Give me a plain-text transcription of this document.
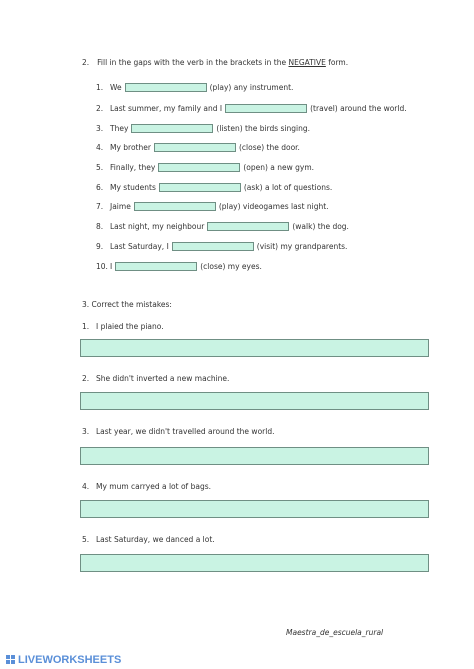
2. Fill in the gaps with the verb in the brackets in the
NEGATIVE
form.
1. We	(play) any instrument.
2. Last summer, my family and I	(travel) around the world.
3. They	(listen) the birds singing.
4. My brother	(close) the door.
5. Finally, they	(open) a new gym.
6. My students	(ask) a lot of questions.
7. Jaime	(play) videogames last night.
8. Last night, my neighbour	(walk) the dog.
9. Last Saturday, I	(visit) my grandparents.
10. I	(close) my eyes.
3. Correct the mistakes:
1. I plaied the piano.
2. She didn't inverted a new machine.
3. Last year, we didn't travelled around the world.
4. My mum carryed a lot of bags.
5. Last Saturday, we danced a lot.
Maestra_de_escuela_rural
LIVEWORKSHEETS
